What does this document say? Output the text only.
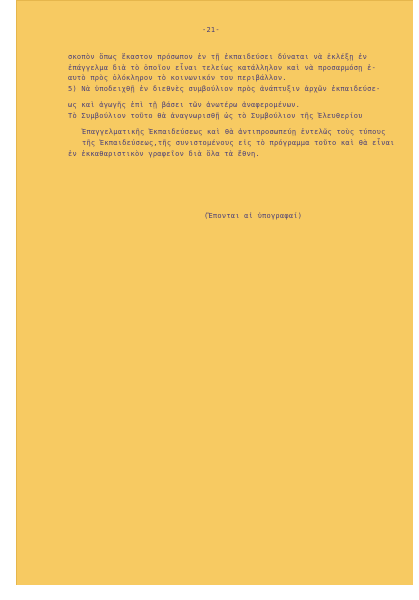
-21-
σκοπὸν ὅπως ἕκαστον πρόσωπον ἐν τῇ ἐκπαιδεύσει δύναται νὰ ἐκλέξῃ ἐν
ἐπάγγελμα διὰ τὸ ὁποῖον εἶναι τελείως κατάλληλον καὶ νὰ προσαρμόσῃ ἑ-
αυτὸ πρὸς ὁλόκληρον τὸ κοινωνικόν του περιβάλλον.
5) Νὰ ὑποδειχθῇ ἐν διεθνὲς συμβούλιον πρὸς ἀνάπτυξιν ἀρχῶν ἐκπαιδεύσε-
ως καὶ ἀγωγῆς ἐπὶ τῇ βάσει τῶν ἀνωτέρω ἀναφερομένων.
Τὸ Συμβούλιον τοῦτο θὰ ἀναγνωρισθῇ ὡς τὸ Συμβούλιον τῆς Ἐλευθερίου
Ἐπαγγελματικῆς Ἐκπαιδεύσεως καὶ θὰ ἀντιπροσωπεύῃ ἐντελῶς τοὺς τύπους
τῆς Ἐκπαιδεύσεως,τῆς συνιστομένους εἰς τὸ πρόγραμμα τοῦτο καὶ θὰ εἶναι
ἐν ἐκκαθαριστικὸν γραφεῖον διὰ ὅλα τὰ ἔθνη.
(Ἕπονται αἱ ὑπογραφαί)
